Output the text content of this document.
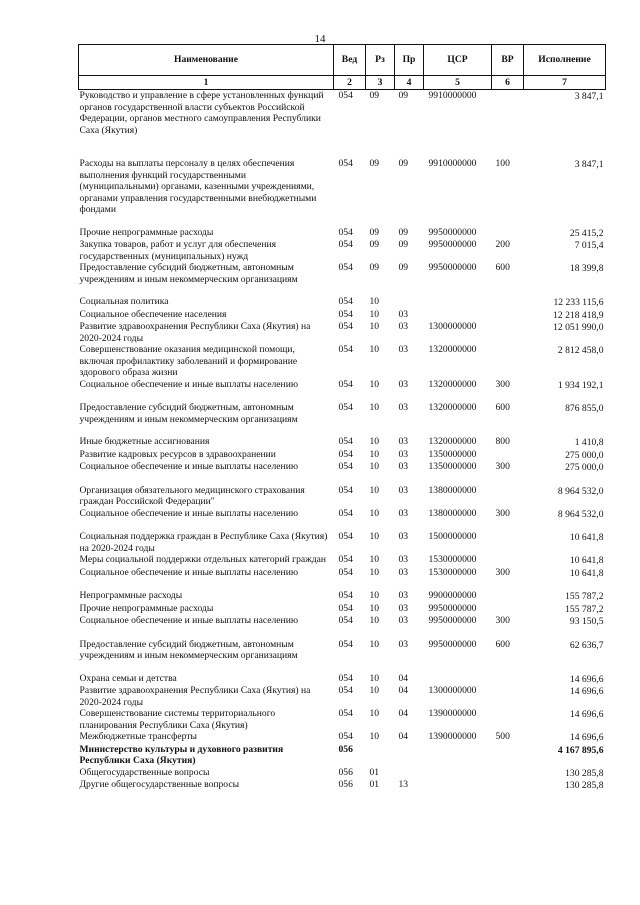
14
Наименование	Вед	Рз	Пр	ЦСР	ВР	Исполнение
1	2	3	4	5	6	7
Руководство и управление в сфере установленных функций органов государственной власти субъектов Российской Федерации, органов местного самоуправления Республики Саха (Якутия)	054	09	09	9910000000		3 847,1

Расходы на выплаты персоналу в целях обеспечения выполнения функций государственными (муниципальными) органами, казенными учреждениями, органами управления государственными внебюджетными фондами	054	09	09	9910000000	100	3 847,1

Прочие непрограммные расходы	054	09	09	9950000000		25 415,2
Закупка товаров, работ и услуг для обеспечения государственных (муниципальных) нужд	054	09	09	9950000000	200	7 015,4
Предоставление субсидий бюджетным, автономным учреждениям и иным некоммерческим организациям	054	09	09	9950000000	600	18 399,8

Социальная политика	054	10				12 233 115,6
Социальное обеспечение населения	054	10	03			12 218 418,9
Развитие здравоохранения Республики Саха (Якутия) на 2020-2024 годы	054	10	03	1300000000		12 051 990,0
Совершенствование оказания медицинской помощи, включая профилактику заболеваний и формирование здорового образа жизни	054	10	03	1320000000		2 812 458,0
Социальное обеспечение и иные выплаты населению	054	10	03	1320000000	300	1 934 192,1

Предоставление субсидий бюджетным, автономным учреждениям и иным некоммерческим организациям	054	10	03	1320000000	600	876 855,0

Иные бюджетные ассигнования	054	10	03	1320000000	800	1 410,8
Развитие кадровых ресурсов в здравоохранении	054	10	03	1350000000		275 000,0
Социальное обеспечение и иные выплаты населению	054	10	03	1350000000	300	275 000,0

Организация обязательного медицинского страхования граждан Российской Федерации"	054	10	03	1380000000		8 964 532,0
Социальное обеспечение и иные выплаты населению	054	10	03	1380000000	300	8 964 532,0

Социальная поддержка граждан в Республике Саха (Якутия) на 2020-2024 годы	054	10	03	1500000000		10 641,8
Меры социальной поддержки отдельных категорий граждан	054	10	03	1530000000		10 641,8
Социальное обеспечение и иные выплаты населению	054	10	03	1530000000	300	10 641,8

Непрограммные расходы	054	10	03	9900000000		155 787,2
Прочие непрограммные расходы	054	10	03	9950000000		155 787,2
Социальное обеспечение и иные выплаты населению	054	10	03	9950000000	300	93 150,5

Предоставление субсидий бюджетным, автономным учреждениям и иным некоммерческим организациям	054	10	03	9950000000	600	62 636,7

Охрана семьи и детства	054	10	04			14 696,6
Развитие здравоохранения Республики Саха (Якутия) на 2020-2024 годы	054	10	04	1300000000		14 696,6
Совершенствование системы территориального планирования Республики Саха (Якутия)	054	10	04	1390000000		14 696,6
Межбюджетные трансферты	054	10	04	1390000000	500	14 696,6
Министерство культуры и духовного развития Республики Саха (Якутия)	056					4 167 895,6
Общегосударственные вопросы	056	01				130 285,8
Другие общегосударственные вопросы	056	01	13			130 285,8
